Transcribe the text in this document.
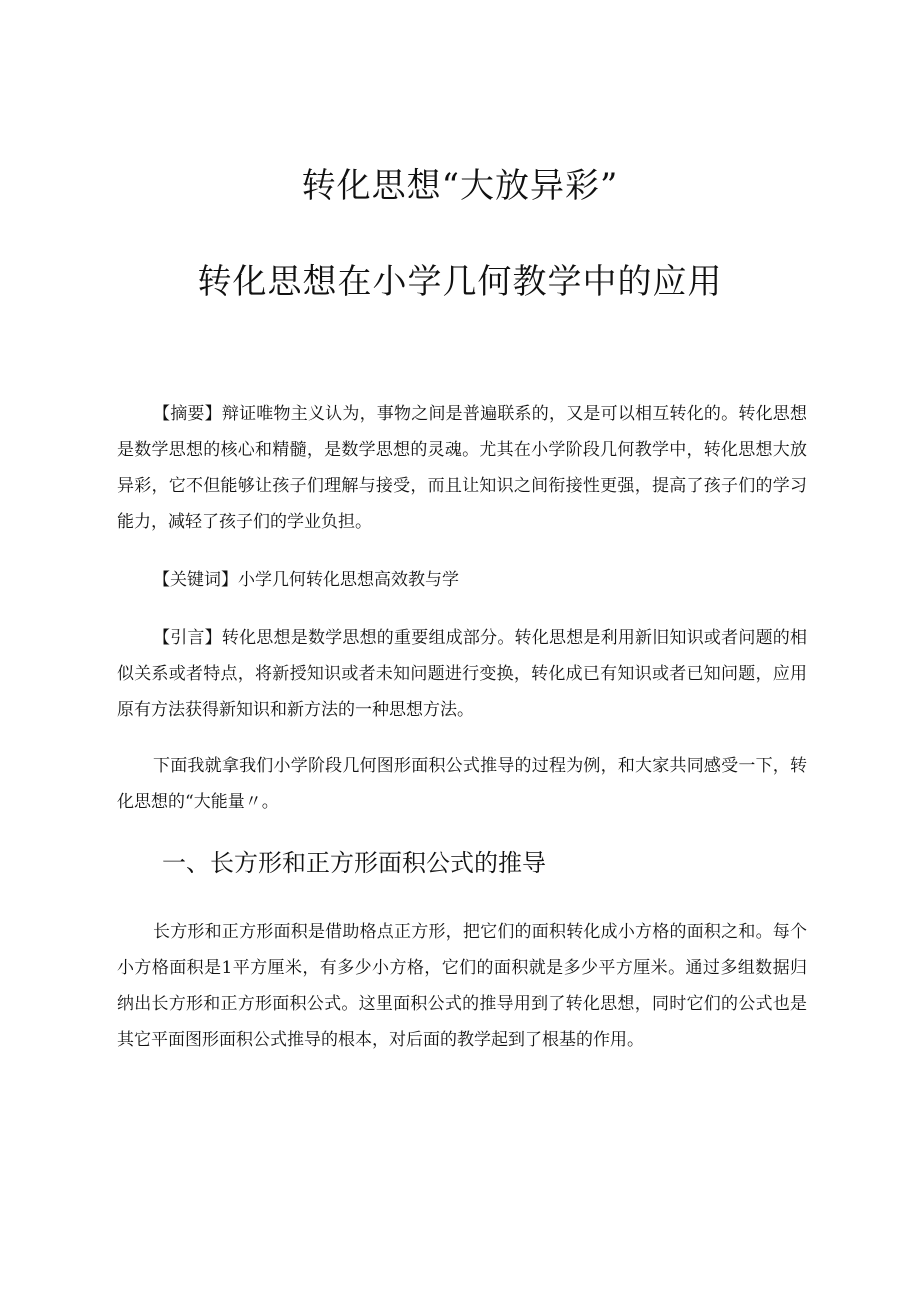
转化思想“大放异彩”
转化思想在小学几何教学中的应用

【摘要】辩证唯物主义认为，事物之间是普遍联系的，又是可以相互转化的。转化思想是数学思想的核心和精髓，是数学思想的灵魂。尤其在小学阶段几何教学中，转化思想大放异彩，它不但能够让孩子们理解与接受，而且让知识之间衔接性更强，提高了孩子们的学习能力，减轻了孩子们的学业负担。

【关键词】小学几何转化思想高效教与学

【引言】转化思想是数学思想的重要组成部分。转化思想是利用新旧知识或者问题的相似关系或者特点，将新授知识或者未知问题进行变换，转化成已有知识或者已知问题，应用原有方法获得新知识和新方法的一种思想方法。

下面我就拿我们小学阶段几何图形面积公式推导的过程为例，和大家共同感受一下，转化思想的“大能量〃。

一、长方形和正方形面积公式的推导

长方形和正方形面积是借助格点正方形，把它们的面积转化成小方格的面积之和。每个小方格面积是1平方厘米，有多少小方格，它们的面积就是多少平方厘米。通过多组数据归纳出长方形和正方形面积公式。这里面积公式的推导用到了转化思想，同时它们的公式也是其它平面图形面积公式推导的根本，对后面的教学起到了根基的作用。
